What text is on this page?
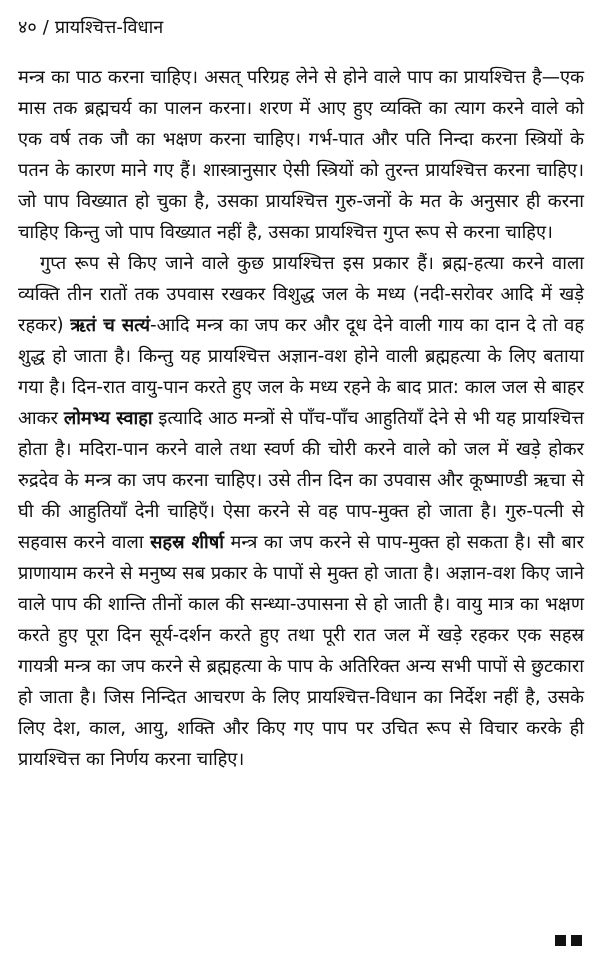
४० / प्रायश्चित्त-विधान

मन्त्र का पाठ करना चाहिए। असत् परिग्रह लेने से होने वाले पाप का प्रायश्चित्त है—एक मास तक ब्रह्मचर्य का पालन करना। शरण में आए हुए व्यक्ति का त्याग करने वाले को एक वर्ष तक जौ का भक्षण करना चाहिए। गर्भ-पात और पति निन्दा करना स्त्रियों के पतन के कारण माने गए हैं। शास्त्रानुसार ऐसी स्त्रियों को तुरन्त प्रायश्चित्त करना चाहिए। जो पाप विख्यात हो चुका है, उसका प्रायश्चित्त गुरु-जनों के मत के अनुसार ही करना चाहिए किन्तु जो पाप विख्यात नहीं है, उसका प्रायश्चित्त गुप्त रूप से करना चाहिए।

गुप्त रूप से किए जाने वाले कुछ प्रायश्चित्त इस प्रकार हैं। ब्रह्म-हत्या करने वाला व्यक्ति तीन रातों तक उपवास रखकर विशुद्ध जल के मध्य (नदी-सरोवर आदि में खड़े रहकर) ऋतं च सत्यं-आदि मन्त्र का जप कर और दूध देने वाली गाय का दान दे तो वह शुद्ध हो जाता है। किन्तु यह प्रायश्चित्त अज्ञान-वश होने वाली ब्रह्महत्या के लिए बताया गया है। दिन-रात वायु-पान करते हुए जल के मध्य रहने के बाद प्रात: काल जल से बाहर आकर लोमभ्य स्वाहा इत्यादि आठ मन्त्रों से पाँच-पाँच आहुतियाँ देने से भी यह प्रायश्चित्त होता है। मदिरा-पान करने वाले तथा स्वर्ण की चोरी करने वाले को जल में खड़े होकर रुद्रदेव के मन्त्र का जप करना चाहिए। उसे तीन दिन का उपवास और कूष्माण्डी ऋचा से घी की आहुतियाँ देनी चाहिएँ। ऐसा करने से वह पाप-मुक्त हो जाता है। गुरु-पत्नी से सहवास करने वाला सहस्र शीर्षा मन्त्र का जप करने से पाप-मुक्त हो सकता है। सौ बार प्राणायाम करने से मनुष्य सब प्रकार के पापों से मुक्त हो जाता है। अज्ञान-वश किए जाने वाले पाप की शान्ति तीनों काल की सन्ध्या-उपासना से हो जाती है। वायु मात्र का भक्षण करते हुए पूरा दिन सूर्य-दर्शन करते हुए तथा पूरी रात जल में खड़े रहकर एक सहस्र गायत्री मन्त्र का जप करने से ब्रह्महत्या के पाप के अतिरिक्त अन्य सभी पापों से छुटकारा हो जाता है। जिस निन्दित आचरण के लिए प्रायश्चित्त-विधान का निर्देश नहीं है, उसके लिए देश, काल, आयु, शक्ति और किए गए पाप पर उचित रूप से विचार करके ही प्रायश्चित्त का निर्णय करना चाहिए।
